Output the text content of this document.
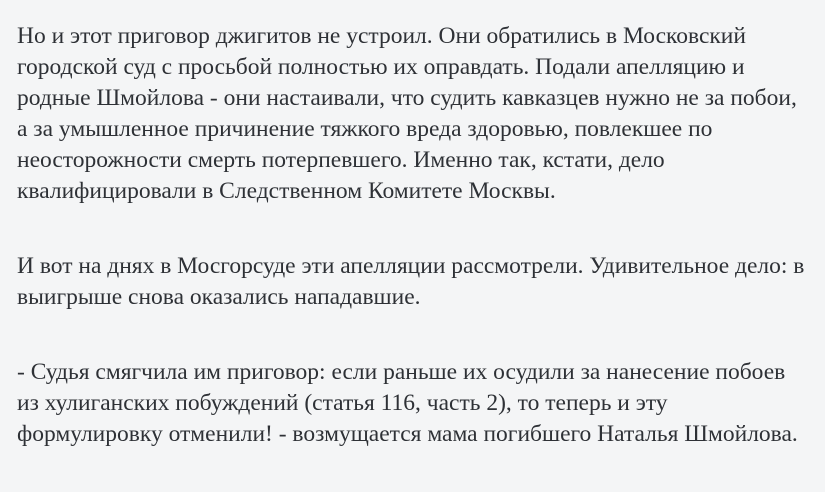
Но и этот приговор джигитов не устроил. Они обратились в Московский
городской суд с просьбой полностью их оправдать. Подали апелляцию и
родные Шмойлова - они настаивали, что судить кавказцев нужно не за побои,
а за умышленное причинение тяжкого вреда здоровью, повлекшее по
неосторожности смерть потерпевшего. Именно так, кстати, дело
квалифицировали в Следственном Комитете Москвы.

И вот на днях в Мосгорсуде эти апелляции рассмотрели. Удивительное дело: в
выигрыше снова оказались нападавшие.

- Судья смягчила им приговор: если раньше их осудили за нанесение побоев
из хулиганских побуждений (статья 116, часть 2), то теперь и эту
формулировку отменили! - возмущается мама погибшего Наталья Шмойлова.
